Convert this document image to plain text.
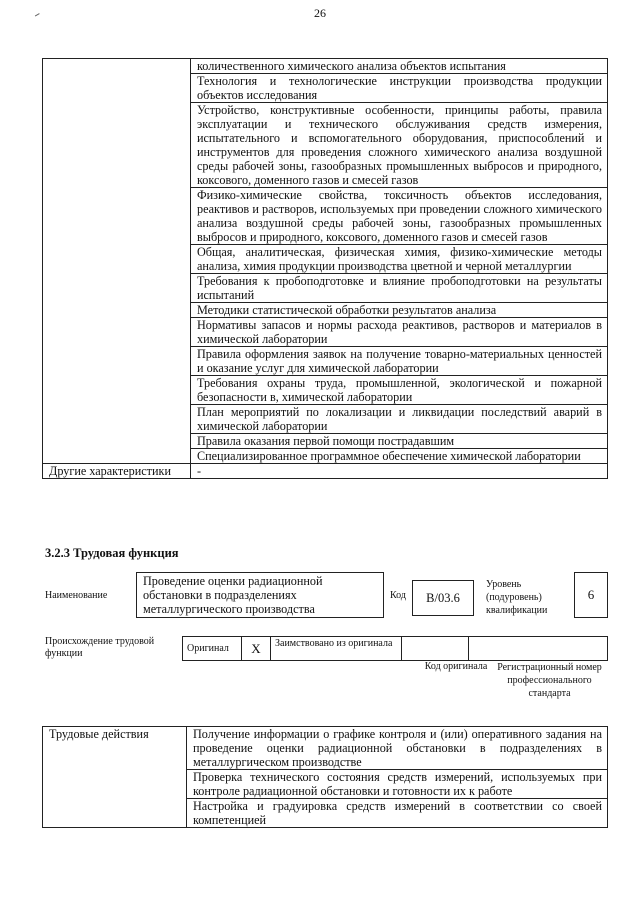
26
	количественного химического анализа объектов испытания
	Технология и технологические инструкции производства продукции объектов исследования
	Устройство, конструктивные особенности, принципы работы, правила эксплуатации и технического обслуживания средств измерения, испытательного и вспомогательного оборудования, приспособлений и инструментов для проведения сложного химического анализа воздушной среды рабочей зоны, газообразных промышленных выбросов и природного, коксового, доменного газов и смесей газов
	Физико-химические свойства, токсичность объектов исследования, реактивов и растворов, используемых при проведении сложного химического анализа воздушной среды рабочей зоны, газообразных промышленных выбросов и природного, коксового, доменного газов и смесей газов
	Общая, аналитическая, физическая химия, физико-химические методы анализа, химия продукции производства цветной и черной металлургии
	Требования к пробоподготовке и влияние пробоподготовки на результаты испытаний
	Методики статистической обработки результатов анализа
	Нормативы запасов и нормы расхода реактивов, растворов и материалов в химической лаборатории
	Правила оформления заявок на получение товарно-материальных ценностей и оказание услуг для химической лаборатории
	Требования охраны труда, промышленной, экологической и пожарной безопасности в, химической лаборатории
	План мероприятий по локализации и ликвидации последствий аварий в химической лаборатории
	Правила оказания первой помощи пострадавшим
	Специализированное программное обеспечение химической лаборатории
Другие характеристики	-
3.2.3 Трудовая функция
Наименование
Проведение оценки радиационной обстановки в подразделениях металлургического производства
Код	В/03.6
Уровень (подуровень) квалификации
6
Происхождение трудовой функции	Оригинал	X	Заимствовано из оригинала		
Код оригинала Регистрационный номер профессионального стандарта
Трудовые действия	Получение информации о графике контроля и (или) оперативного задания на проведение оценки радиационной обстановки в подразделениях в металлургическом производстве
Проверка технического состояния средств измерений, используемых при контроле радиационной обстановки и готовности их к работе
Настройка и градуировка средств измерений в соответствии со своей компетенцией
